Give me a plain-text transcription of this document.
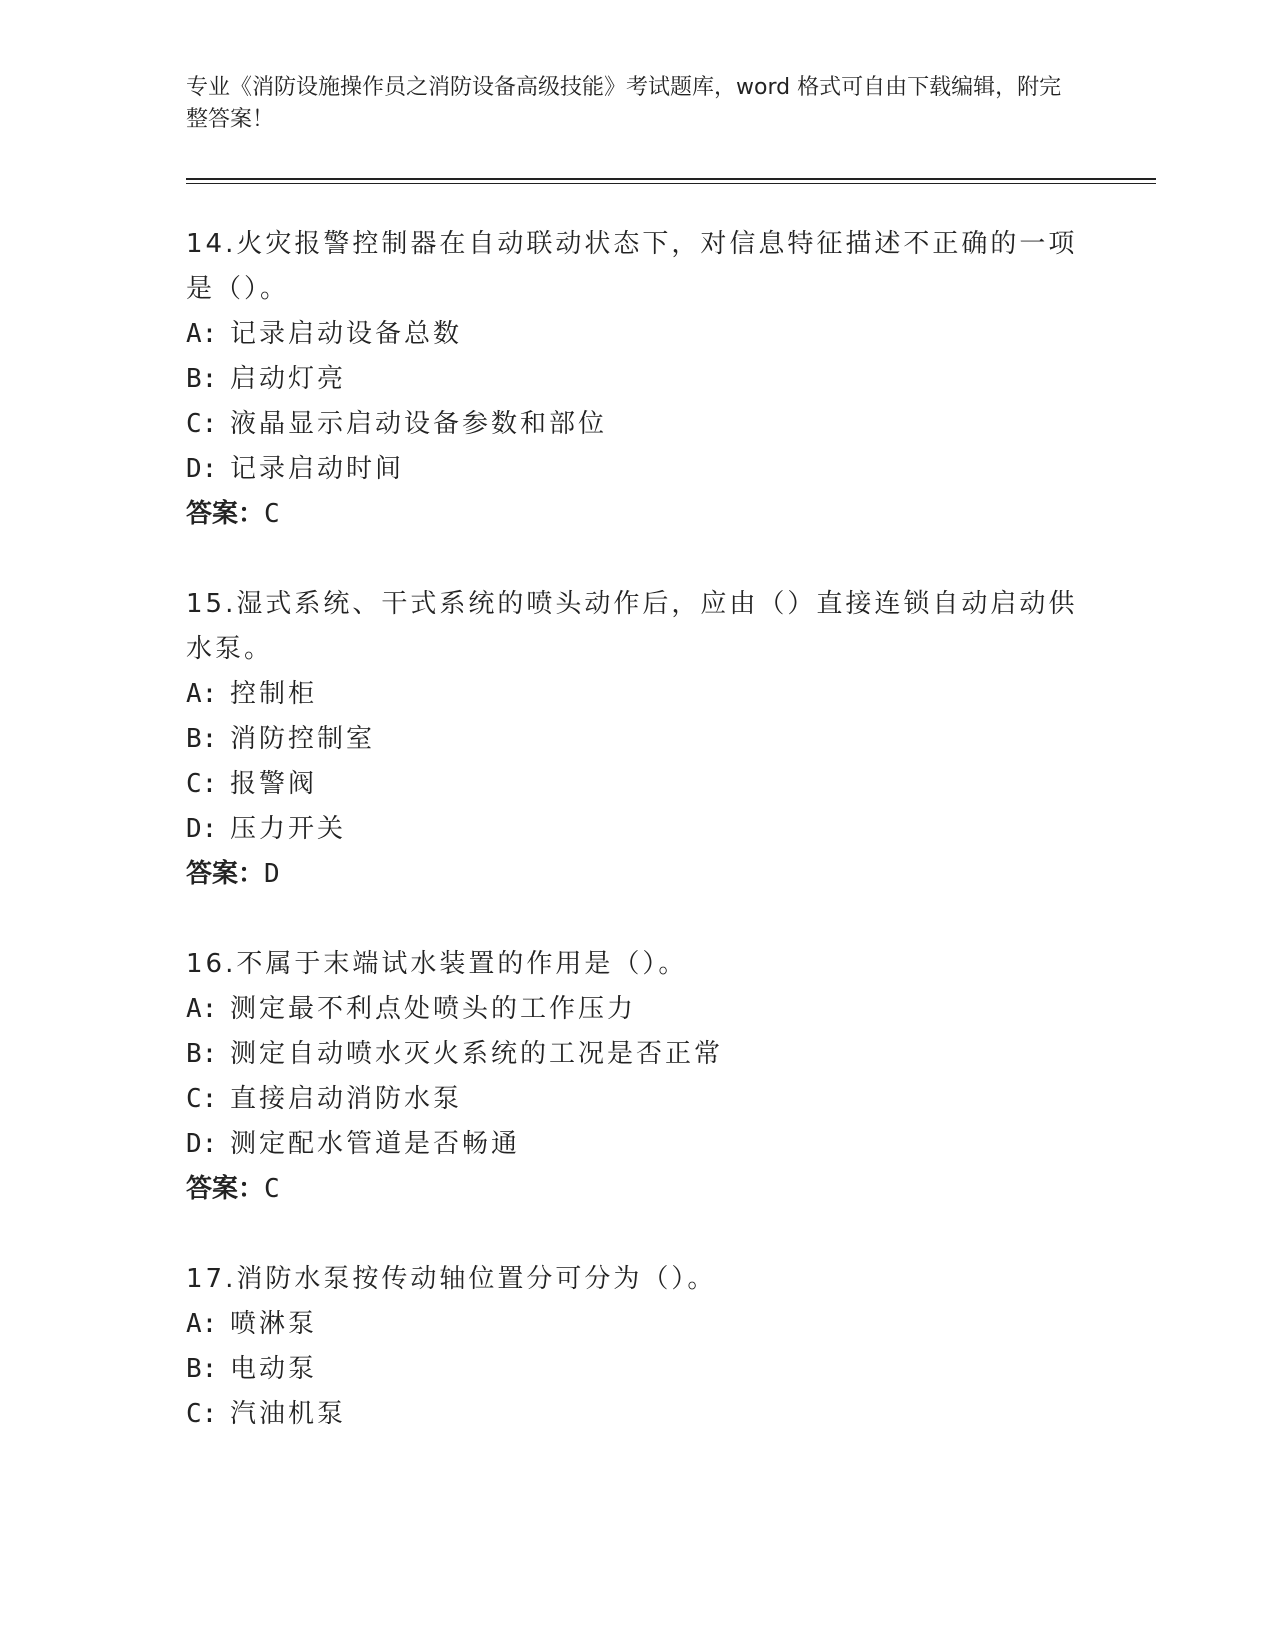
专业《消防设施操作员之消防设备高级技能》考试题库，word 格式可自由下载编辑，附完整答案！

14.火灾报警控制器在自动联动状态下，对信息特征描述不正确的一项是（）。

A: 记录启动设备总数

B: 启动灯亮

C: 液晶显示启动设备参数和部位

D: 记录启动时间

答案：C

15.湿式系统、干式系统的喷头动作后，应由（）直接连锁自动启动供水泵。

A: 控制柜

B: 消防控制室

C: 报警阀

D: 压力开关

答案：D

16.不属于末端试水装置的作用是（）。

A: 测定最不利点处喷头的工作压力

B: 测定自动喷水灭火系统的工况是否正常

C: 直接启动消防水泵

D: 测定配水管道是否畅通

答案：C

17.消防水泵按传动轴位置分可分为（）。

A: 喷淋泵

B: 电动泵

C: 汽油机泵
